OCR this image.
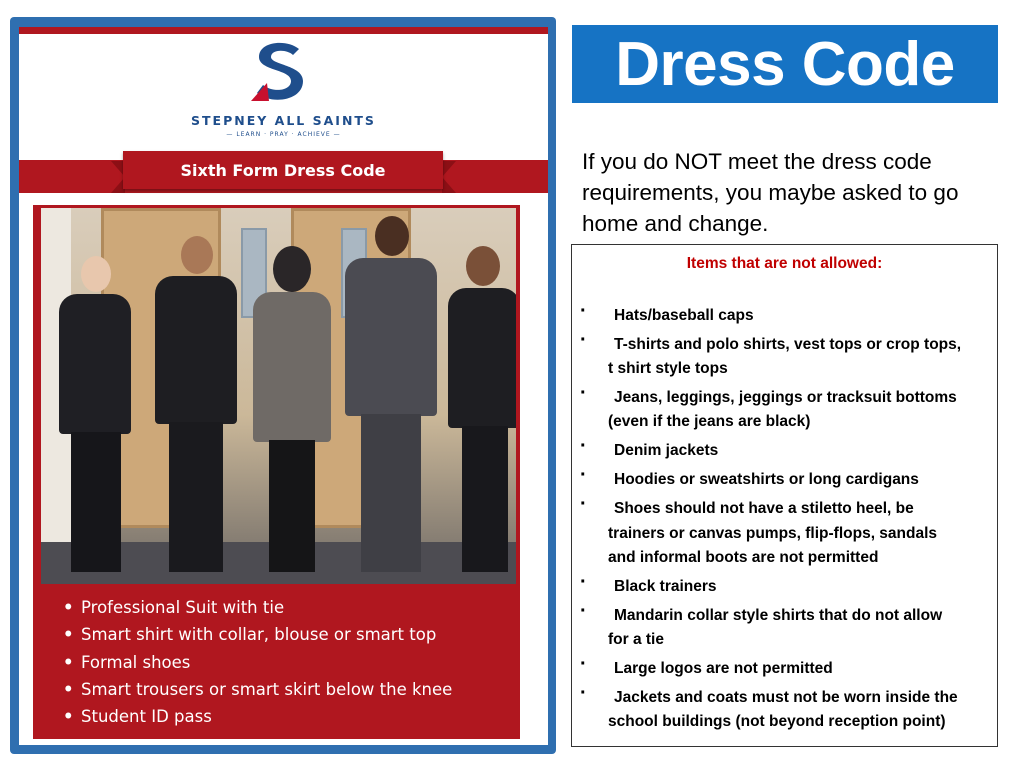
STEPNEY ALL SAINTS
— LEARN · PRAY · ACHIEVE —
Sixth Form Dress Code
• Professional Suit with tie
• Smart shirt with collar, blouse or smart top
• Formal shoes
• Smart trousers or smart skirt below the knee
• Student ID pass
Dress Code
If you do NOT meet the dress code requirements, you maybe asked to go home and change.
Items that are not allowed:
· Hats/baseball caps
· T-shirts and polo shirts, vest tops or crop tops,
t shirt style tops
· Jeans, leggings, jeggings or tracksuit bottoms
(even if the jeans are black)
· Denim jackets
· Hoodies or sweatshirts or long cardigans
· Shoes should not have a stiletto heel, be
trainers or canvas pumps, flip-flops, sandals
and informal boots are not permitted
· Black trainers
· Mandarin collar style shirts that do not allow
for a tie
· Large logos are not permitted
· Jackets and coats must not be worn inside the
school buildings (not beyond reception point)
